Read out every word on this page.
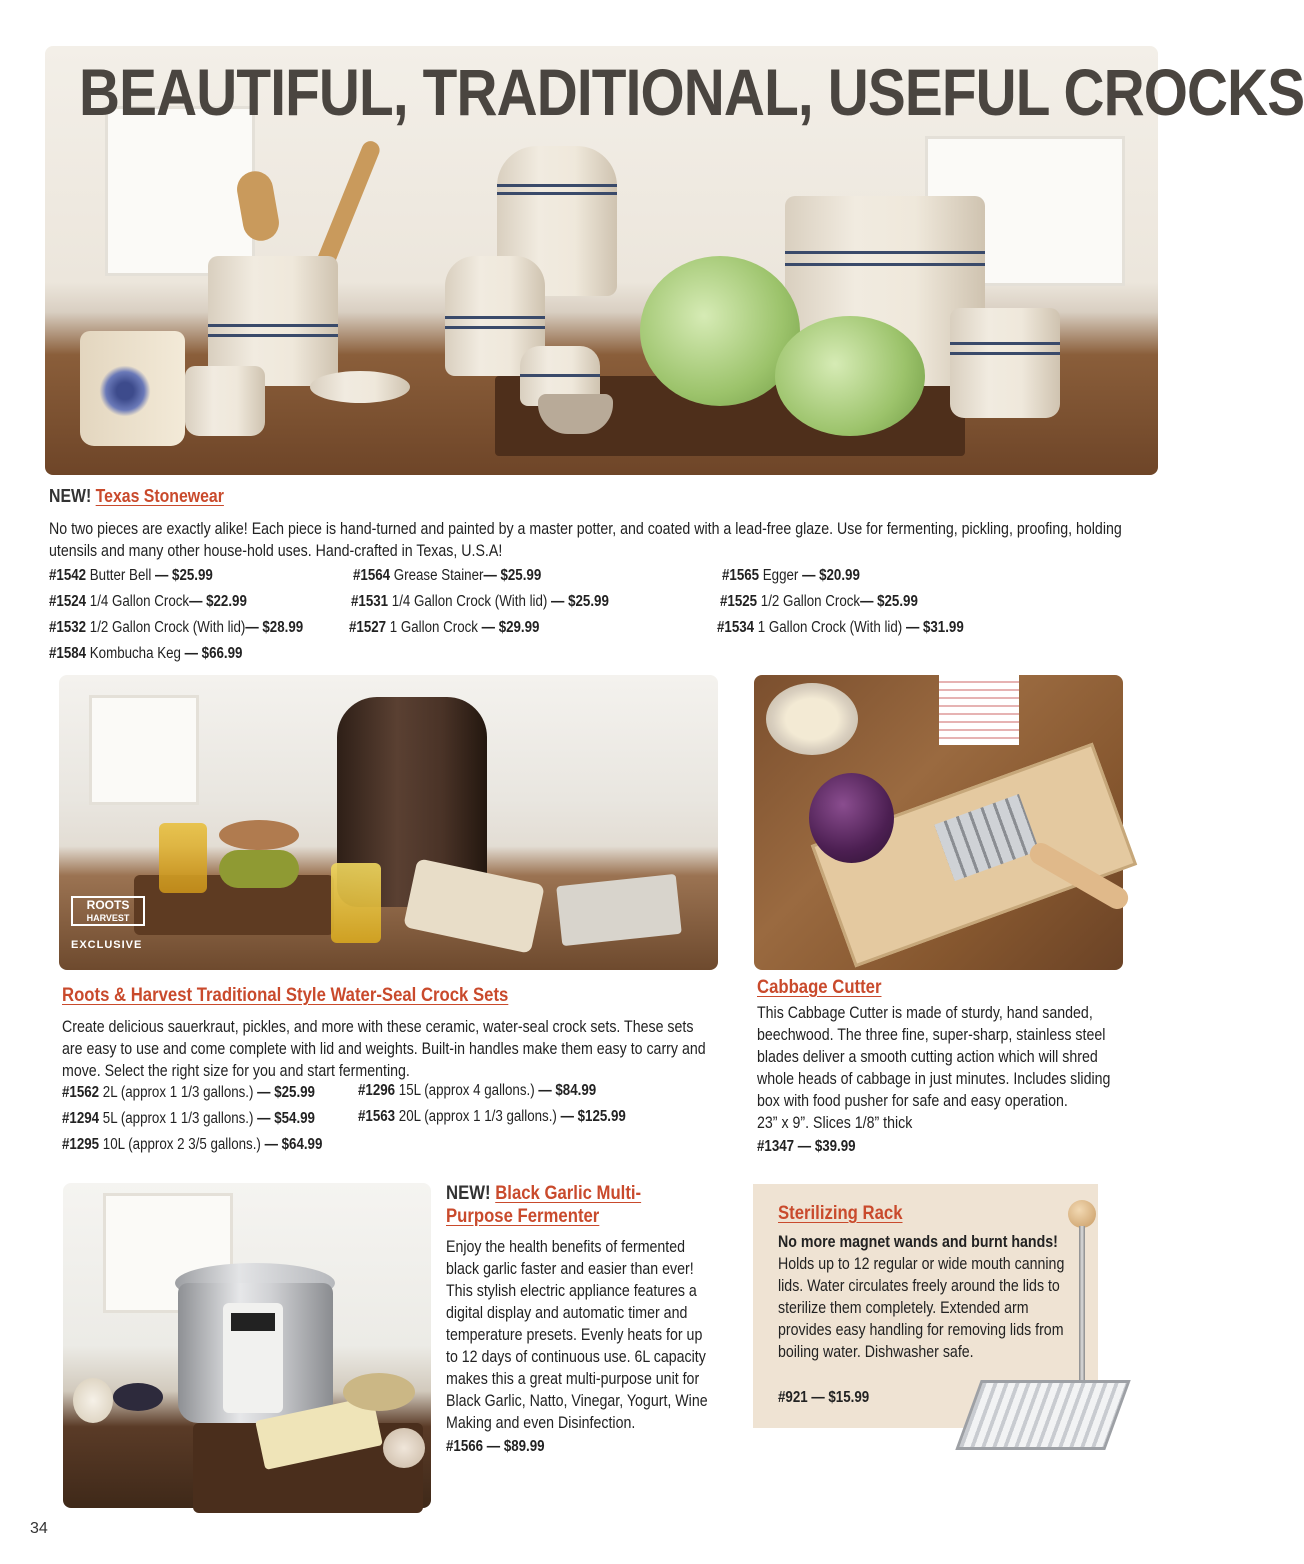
BEAUTIFUL, TRADITIONAL, USEFUL CROCKS
NEW! Texas Stonewear
No two pieces are exactly alike! Each piece is hand-turned and painted by a master potter, and coated with a lead-free glaze. Use for fermenting, pickling, proofing, holding utensils and many other house-hold uses. Hand-crafted in Texas, U.S.A!
#1542 Butter Bell — $25.99	#1564 Grease Stainer— $25.99	#1565 Egger — $20.99
#1524 1/4 Gallon Crock— $22.99	#1531 1/4 Gallon Crock (With lid) — $25.99	#1525 1/2 Gallon Crock— $25.99
#1532 1/2 Gallon Crock (With lid)— $28.99	#1527 1 Gallon Crock — $29.99	#1534 1 Gallon Crock (With lid) — $31.99
#1584 Kombucha Keg — $66.99
ROOTS
HARVEST
EXCLUSIVE
Roots & Harvest Traditional Style Water-Seal Crock Sets
Create delicious sauerkraut, pickles, and more with these ceramic, water-seal crock sets. These sets are easy to use and come complete with lid and weights. Built-in handles make them easy to carry and move. Select the right size for you and start fermenting.
#1562 2L (approx 1 1/3 gallons.) — $25.99	#1296 15L (approx 4 gallons.) — $84.99
#1294 5L (approx 1 1/3 gallons.) — $54.99	#1563 20L (approx 1 1/3 gallons.) — $125.99
#1295 10L (approx 2 3/5 gallons.) — $64.99
Cabbage Cutter
This Cabbage Cutter is made of sturdy, hand sanded, beechwood. The three fine, super-sharp, stainless steel blades deliver a smooth cutting action which will shred whole heads of cabbage in just minutes. Includes sliding box with food pusher for safe and easy operation.
23” x 9”. Slices 1/8” thick
#1347 — $39.99
NEW! Black Garlic Multi-
Purpose Fermenter
Enjoy the health benefits of fermented black garlic faster and easier than ever! This stylish electric appliance features a digital display and automatic timer and temperature presets. Evenly heats for up to 12 days of continuous use. 6L capacity makes this a great multi-purpose unit for Black Garlic, Natto, Vinegar, Yogurt, Wine Making and even Disinfection.
#1566 — $89.99
Sterilizing Rack
No more magnet wands and burnt hands! Holds up to 12 regular or wide mouth canning lids. Water circulates freely around the lids to sterilize them completely. Extended arm provides easy handling for removing lids from boiling water. Dishwasher safe.
#921 — $15.99
34
